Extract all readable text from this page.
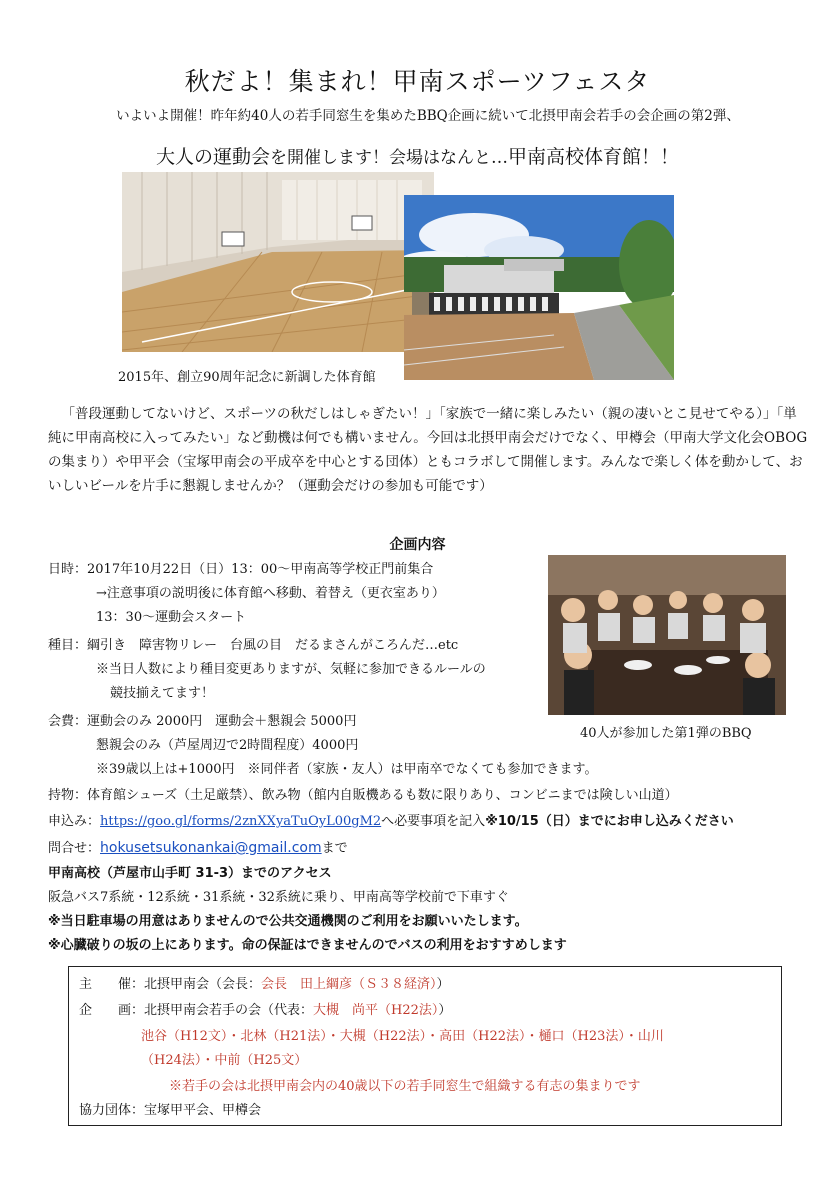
秋だよ！集まれ！甲南スポーツフェスタ
いよいよ開催！昨年約40人の若手同窓生を集めたBBQ企画に続いて北摂甲南会若手の会企画の第2弾、
大人の運動会を開催します！会場はなんと…甲南高校体育館！！
2015年、創立90周年記念に新調した体育館

「普段運動してないけど、スポーツの秋だしはしゃぎたい！」「家族で一緒に楽しみたい（親の凄いとこ見せてやる）」「単純に甲南高校に入ってみたい」など動機は何でも構いません。今回は北摂甲南会だけでなく、甲樽会（甲南大学文化会OBOGの集まり）や甲平会（宝塚甲南会の平成卒を中心とする団体）ともコラボして開催します。みんなで楽しく体を動かして、おいしいビールを片手に懇親しませんか？（運動会だけの参加も可能です）

企画内容
40人が参加した第1弾のBBQ
日時：2017年10月22日（日）13：00～甲南高等学校正門前集合
→注意事項の説明後に体育館へ移動、着替え（更衣室あり）
13：30～運動会スタート
種目：綱引き　障害物リレー　台風の目　だるまさんがころんだ…etc
※当日人数により種目変更ありますが、気軽に参加できるルールの
競技揃えてます！
会費：運動会のみ 2000円　運動会＋懇親会 5000円
懇親会のみ（芦屋周辺で2時間程度）4000円
※39歳以上は+1000円　※同伴者（家族・友人）は甲南卒でなくても参加できます。
持物：体育館シューズ（土足厳禁）、飲み物（館内自販機あるも数に限りあり、コンビニまでは険しい山道）
申込み：https://goo.gl/forms/2znXXyaTuOyL00gM2へ必要事項を記入※10/15（日）までにお申し込みください
問合せ：hokusetsukonankai@gmail.comまで
甲南高校（芦屋市山手町 31-3）までのアクセス
阪急バス7系統・12系統・31系統・32系統に乗り、甲南高等学校前で下車すぐ
※当日駐車場の用意はありませんので公共交通機関のご利用をお願いいたします。
※心臓破りの坂の上にあります。命の保証はできませんのでバスの利用をおすすめします
主　　催：北摂甲南会（会長：会長　田上綱彦（Ｓ３８経済））
企　　画：北摂甲南会若手の会（代表：大槻　尚平（H22法））
池谷（H12文）・北林（H21法）・大槻（H22法）・高田（H22法）・樋口（H23法）・山川
（H24法）・中前（H25文）
※若手の会は北摂甲南会内の40歳以下の若手同窓生で組織する有志の集まりです
協力団体：宝塚甲平会、甲樽会
